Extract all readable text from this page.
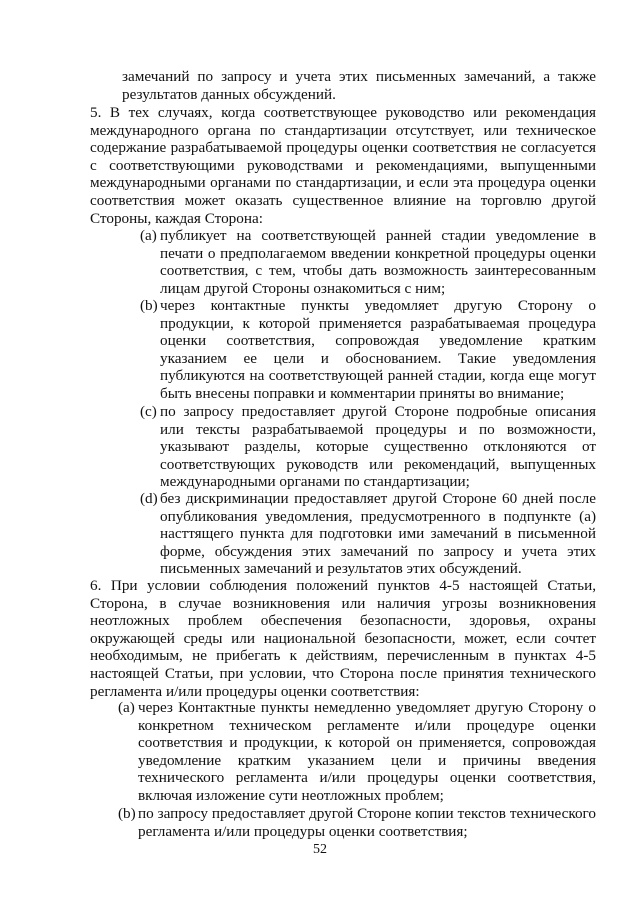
замечаний по запросу и учета этих письменных замечаний, а также результатов данных обсуждений.

5. В тех случаях, когда соответствующее руководство или рекомендация международного органа по стандартизации отсутствует, или техническое содержание разрабатываемой процедуры оценки соответствия не согласуется с соответствующими руководствами и рекомендациями, выпущенными международными органами по стандартизации, и если эта процедура оценки соответствия может оказать существенное влияние на торговлю другой Стороны, каждая Сторона:

(a) публикует на соответствующей ранней стадии уведомление в печати о предполагаемом введении конкретной процедуры оценки соответствия, с тем, чтобы дать возможность заинтересованным лицам другой Стороны ознакомиться с ним;
(b) через контактные пункты уведомляет другую Сторону о продукции, к которой применяется разрабатываемая процедура оценки соответствия, сопровождая уведомление кратким указанием ее цели и обоснованием. Такие уведомления публикуются на соответствующей ранней стадии, когда еще могут быть внесены поправки и комментарии приняты во внимание;
(c) по запросу предоставляет другой Стороне подробные описания или тексты разрабатываемой процедуры и по возможности, указывают разделы, которые существенно отклоняются от соответствующих руководств или рекомендаций, выпущенных международными органами по стандартизации;
(d) без дискриминации предоставляет другой Стороне 60 дней после опубликования уведомления, предусмотренного в подпункте (a) насттящего пункта для подготовки ими замечаний в письменной форме, обсуждения этих замечаний по запросу и учета этих письменных замечаний и результатов этих обсуждений.

6. При условии соблюдения положений пунктов 4-5 настоящей Статьи, Сторона, в случае возникновения или наличия угрозы возникновения неотложных проблем обеспечения безопасности, здоровья, охраны окружающей среды или национальной безопасности, может, если сочтет необходимым, не прибегать к действиям, перечисленным в пунктах 4-5 настоящей Статьи, при условии, что Сторона после принятия технического регламента и/или процедуры оценки соответствия:

(a) через Контактные пункты немедленно уведомляет другую Сторону о конкретном техническом регламенте и/или процедуре оценки соответствия и продукции, к которой он применяется, сопровождая уведомление кратким указанием цели и причины введения технического регламента и/или процедуры оценки соответствия, включая изложение сути неотложных проблем;
(b) по запросу предоставляет другой Стороне копии текстов технического регламента и/или процедуры оценки соответствия;
52
